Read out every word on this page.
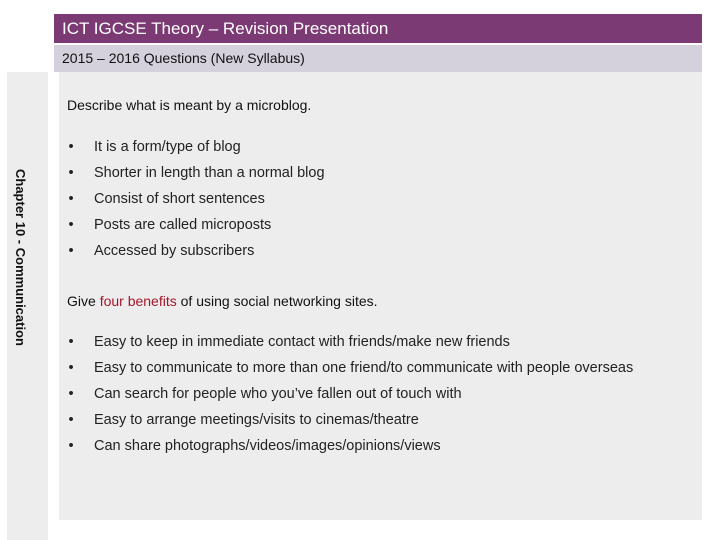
ICT IGCSE Theory – Revision Presentation
2015 – 2016 Questions (New Syllabus)
Chapter 10 - Communication
Describe what is meant by a microblog.
• It is a form/type of blog
• Shorter in length than a normal blog
• Consist of short sentences
• Posts are called microposts
• Accessed by subscribers
Give four benefits of using social networking sites.
• Easy to keep in immediate contact with friends/make new friends
• Easy to communicate to more than one friend/to communicate with people overseas
• Can search for people who you’ve fallen out of touch with
• Easy to arrange meetings/visits to cinemas/theatre
• Can share photographs/videos/images/opinions/views
